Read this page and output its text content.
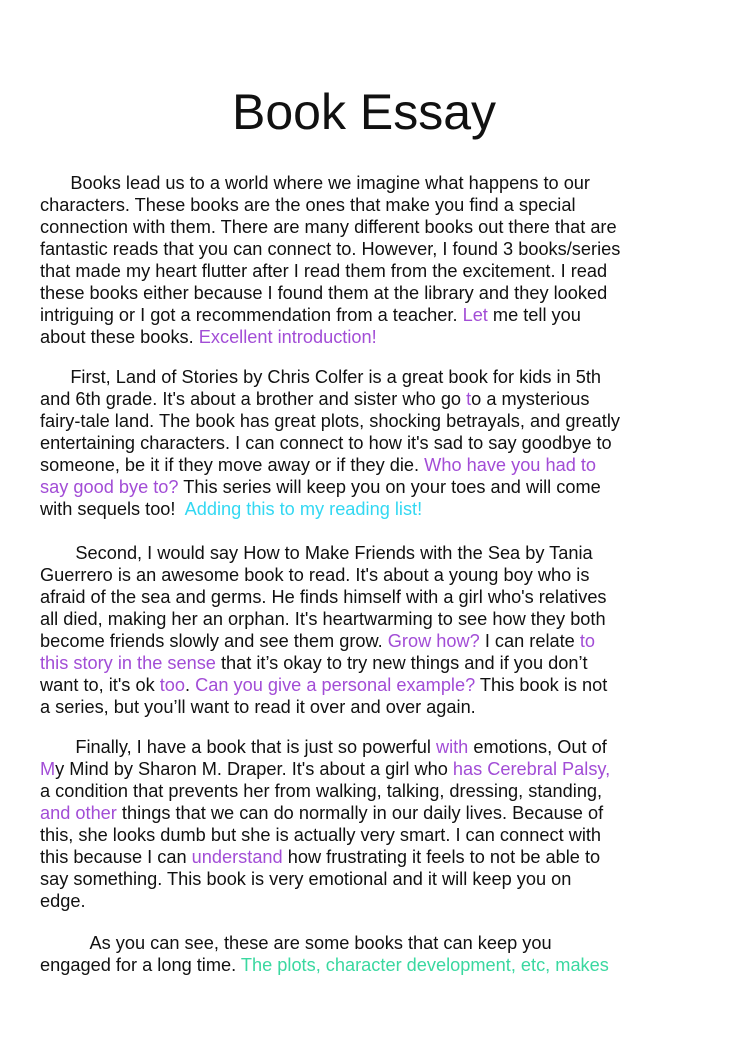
Book Essay

Books lead us to a world where we imagine what happens to our
characters. These books are the ones that make you find a special
connection with them. There are many different books out there that are
fantastic reads that you can connect to. However, I found 3 books/series
that made my heart flutter after I read them from the excitement. I read
these books either because I found them at the library and they looked
intriguing or I got a recommendation from a teacher. Let me tell you
about these books. Excellent introduction!

First, Land of Stories by Chris Colfer is a great book for kids in 5th
and 6th grade. It's about a brother and sister who go to a mysterious
fairy-tale land. The book has great plots, shocking betrayals, and greatly
entertaining characters. I can connect to how it's sad to say goodbye to
someone, be it if they move away or if they die. Who have you had to
say good bye to? This series will keep you on your toes and will come
with sequels too!  Adding this to my reading list!

Second, I would say How to Make Friends with the Sea by Tania
Guerrero is an awesome book to read. It's about a young boy who is
afraid of the sea and germs. He finds himself with a girl who's relatives
all died, making her an orphan. It's heartwarming to see how they both
become friends slowly and see them grow. Grow how? I can relate to
this story in the sense that it’s okay to try new things and if you don’t
want to, it's ok too. Can you give a personal example? This book is not
a series, but you’ll want to read it over and over again.

Finally, I have a book that is just so powerful with emotions, Out of
My Mind by Sharon M. Draper. It's about a girl who has Cerebral Palsy,
a condition that prevents her from walking, talking, dressing, standing,
and other things that we can do normally in our daily lives. Because of
this, she looks dumb but she is actually very smart. I can connect with
this because I can understand how frustrating it feels to not be able to
say something. This book is very emotional and it will keep you on
edge.

As you can see, these are some books that can keep you
engaged for a long time. The plots, character development, etc, makes
